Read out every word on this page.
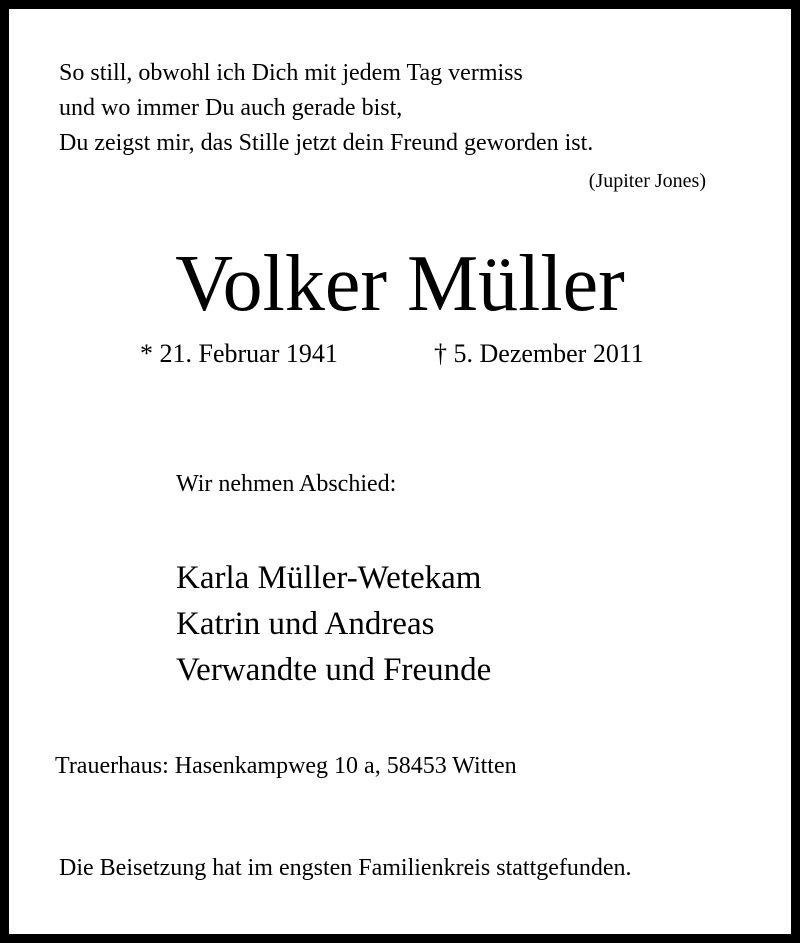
So still, obwohl ich Dich mit jedem Tag vermiss
und wo immer Du auch gerade bist,
Du zeigst mir, das Stille jetzt dein Freund geworden ist.
(Jupiter Jones)
Volker Müller
* 21. Februar 1941	† 5. Dezember 2011
Wir nehmen Abschied:
Karla Müller-Wetekam
Katrin und Andreas
Verwandte und Freunde
Trauerhaus: Hasenkampweg 10 a, 58453 Witten
Die Beisetzung hat im engsten Familienkreis stattgefunden.
